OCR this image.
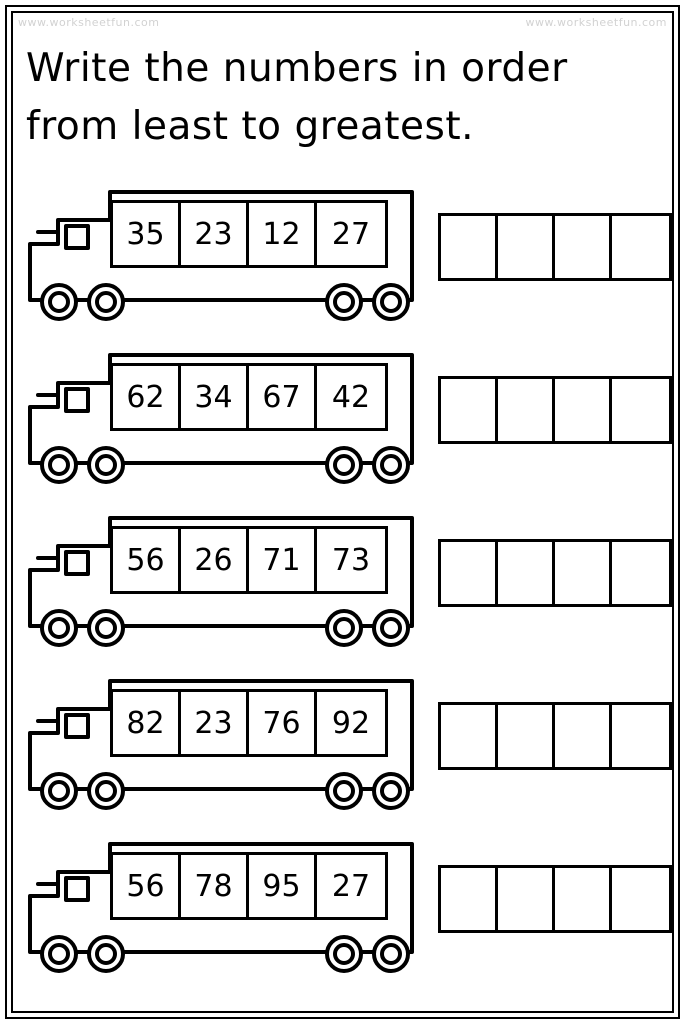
www.worksheetfun.com	www.worksheetfun.com
Write the numbers in order from least to greatest.
35 23 12	27
62 34 67	42
56 26 71	73
82 23 76	92
56 78 95	27
